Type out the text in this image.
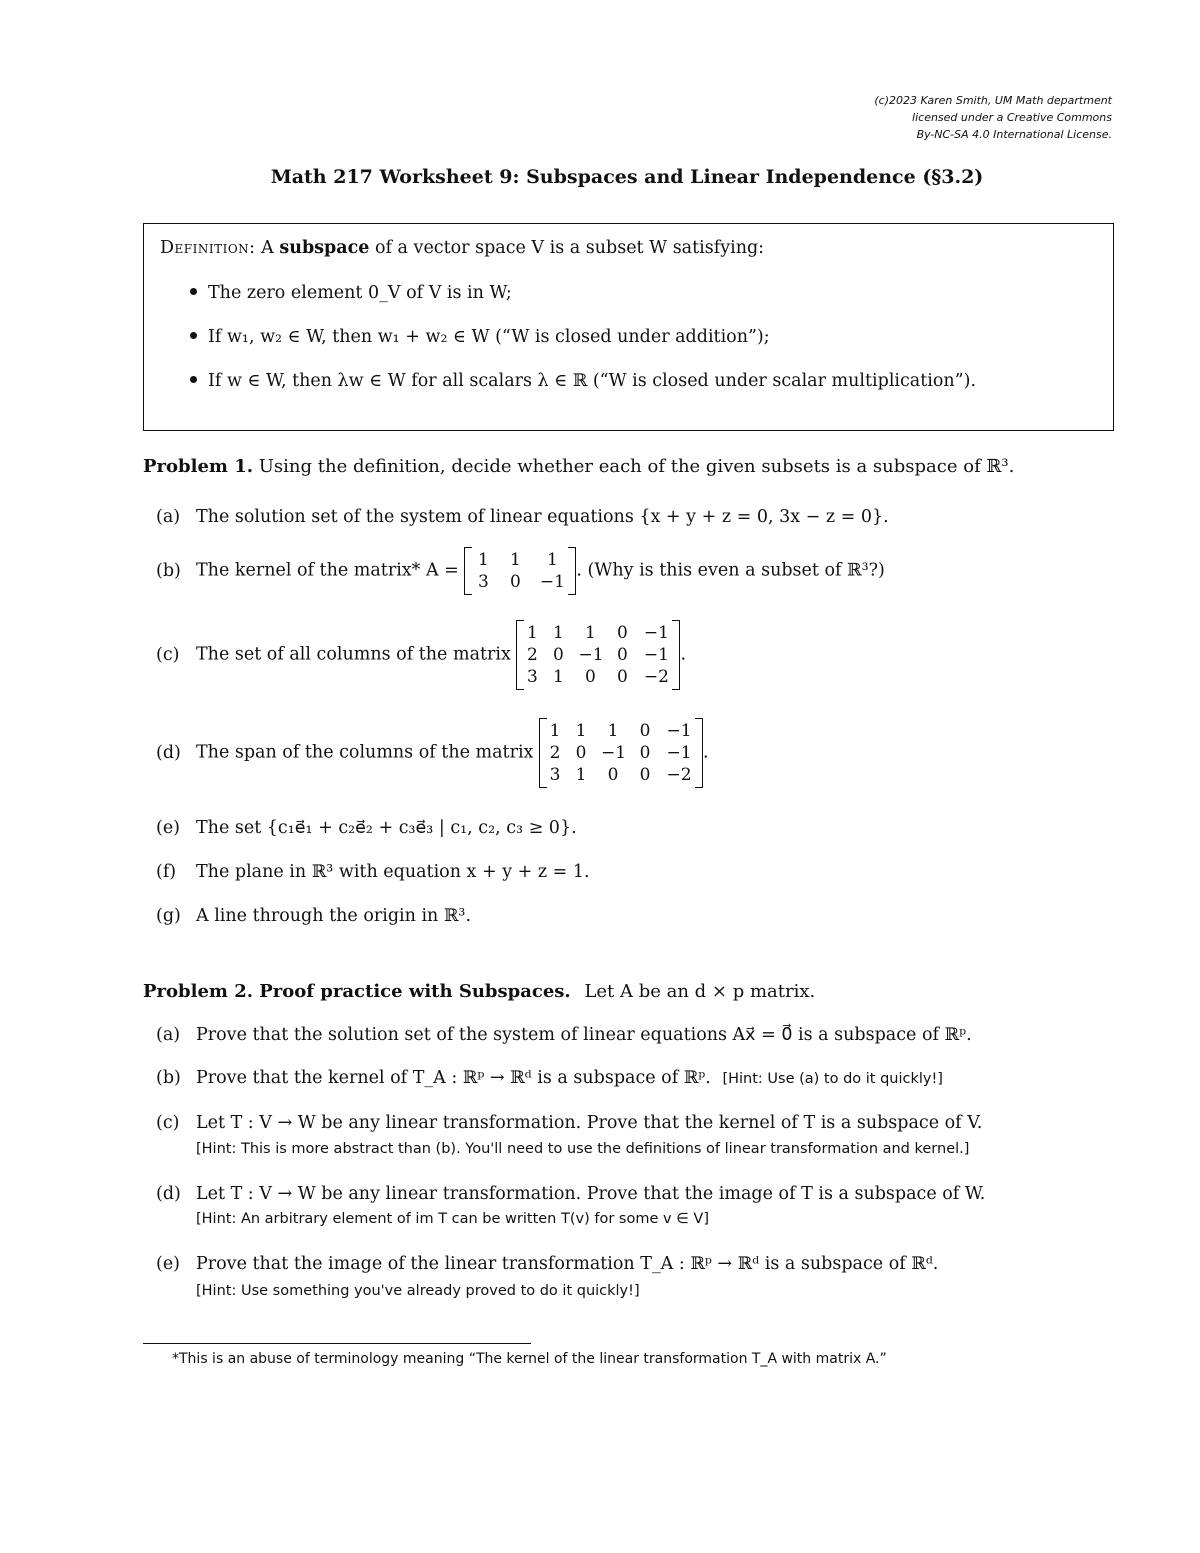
(c)2023 Karen Smith, UM Math department
licensed under a Creative Commons
By-NC-SA 4.0 International License.
Math 217 Worksheet 9: Subspaces and Linear Independence (§3.2)
Definition: A subspace of a vector space V is a subset W satisfying:
The zero element 0_V of V is in W;
If w₁, w₂ ∈ W, then w₁ + w₂ ∈ W (“W is closed under addition”);
If w ∈ W, then λw ∈ W for all scalars λ ∈ ℝ (“W is closed under scalar multiplication”).
Problem 1. Using the definition, decide whether each of the given subsets is a subspace of ℝ³.
(a) The solution set of the system of linear equations {x + y + z = 0, 3x − z = 0}.
(b) The kernel of the matrix* A =
1 1	1
3 0 −1
. (Why is this even a subset of ℝ³?)
(c) The set of all columns of the matrix
1 1	1	0 −1
2 0 −1 0 −1
3 1	0	0 −2
.
(d) The span of the columns of the matrix
1 1	1	0 −1
2 0 −1 0 −1
3 1	0	0 −2
.
(e) The set {c₁e⃗₁ + c₂e⃗₂ + c₃e⃗₃ | c₁, c₂, c₃ ≥ 0}.
(f) The plane in ℝ³ with equation x + y + z = 1.
(g) A line through the origin in ℝ³.
Problem 2. Proof practice with Subspaces. Let A be an d × p matrix.
(a) Prove that the solution set of the system of linear equations Ax⃗ = 0⃗ is a subspace of ℝᵖ.
(b) Prove that the kernel of T_A : ℝᵖ → ℝᵈ is a subspace of ℝᵖ. [Hint: Use (a) to do it quickly!]
(c) Let T : V → W be any linear transformation. Prove that the kernel of T is a subspace of V.
[Hint: This is more abstract than (b). You'll need to use the definitions of linear transformation and kernel.]
(d) Let T : V → W be any linear transformation. Prove that the image of T is a subspace of W.
[Hint: An arbitrary element of im T can be written T(v) for some v ∈ V]
(e) Prove that the image of the linear transformation T_A : ℝᵖ → ℝᵈ is a subspace of ℝᵈ.
[Hint: Use something you've already proved to do it quickly!]
*This is an abuse of terminology meaning “The kernel of the linear transformation T_A with matrix A.”
